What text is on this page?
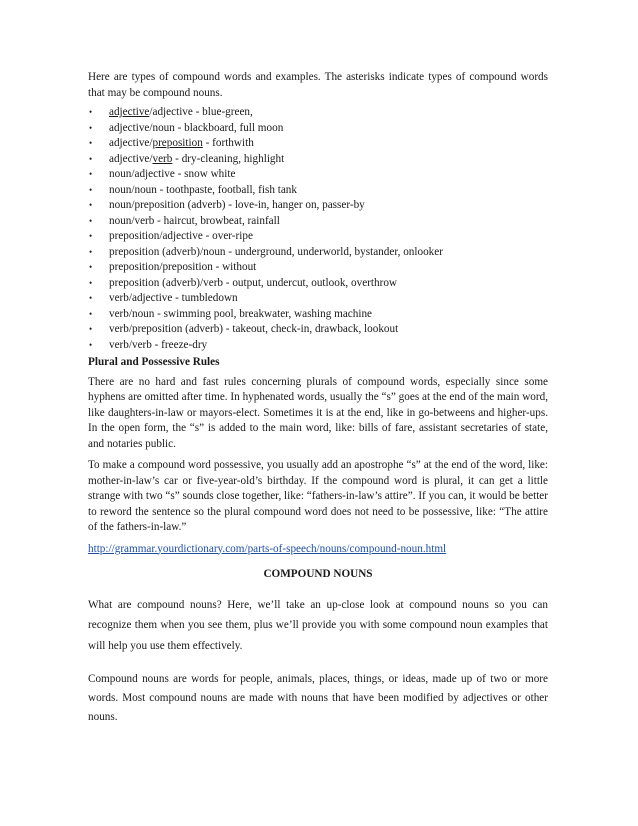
Here are types of compound words and examples. The asterisks indicate types of compound words that may be compound nouns.

• adjective/adjective - blue-green,
• adjective/noun - blackboard, full moon
• adjective/preposition - forthwith
• adjective/verb - dry-cleaning, highlight
• noun/adjective - snow white
• noun/noun - toothpaste, football, fish tank
• noun/preposition (adverb) - love-in, hanger on, passer-by
• noun/verb - haircut, browbeat, rainfall
• preposition/adjective - over-ripe
• preposition (adverb)/noun - underground, underworld, bystander, onlooker
• preposition/preposition - without
• preposition (adverb)/verb - output, undercut, outlook, overthrow
• verb/adjective - tumbledown
• verb/noun - swimming pool, breakwater, washing machine
• verb/preposition (adverb) - takeout, check-in, drawback, lookout
• verb/verb - freeze-dry
Plural and Possessive Rules

There are no hard and fast rules concerning plurals of compound words, especially since some hyphens are omitted after time. In hyphenated words, usually the “s” goes at the end of the main word, like daughters-in-law or mayors-elect. Sometimes it is at the end, like in go-betweens and higher-ups. In the open form, the “s” is added to the main word, like: bills of fare, assistant secretaries of state, and notaries public.

To make a compound word possessive, you usually add an apostrophe “s” at the end of the word, like: mother-in-law’s car or five-year-old’s birthday. If the compound word is plural, it can get a little strange with two “s” sounds close together, like: “fathers-in-law’s attire”. If you can, it would be better to reword the sentence so the plural compound word does not need to be possessive, like: “The attire of the fathers-in-law.”

http://grammar.yourdictionary.com/parts-of-speech/nouns/compound-noun.html
COMPOUND NOUNS

What are compound nouns? Here, we’ll take an up-close look at compound nouns so you can recognize them when you see them, plus we’ll provide you with some compound noun examples that will help you use them effectively.

Compound nouns are words for people, animals, places, things, or ideas, made up of two or more words. Most compound nouns are made with nouns that have been modified by adjectives or other nouns.
